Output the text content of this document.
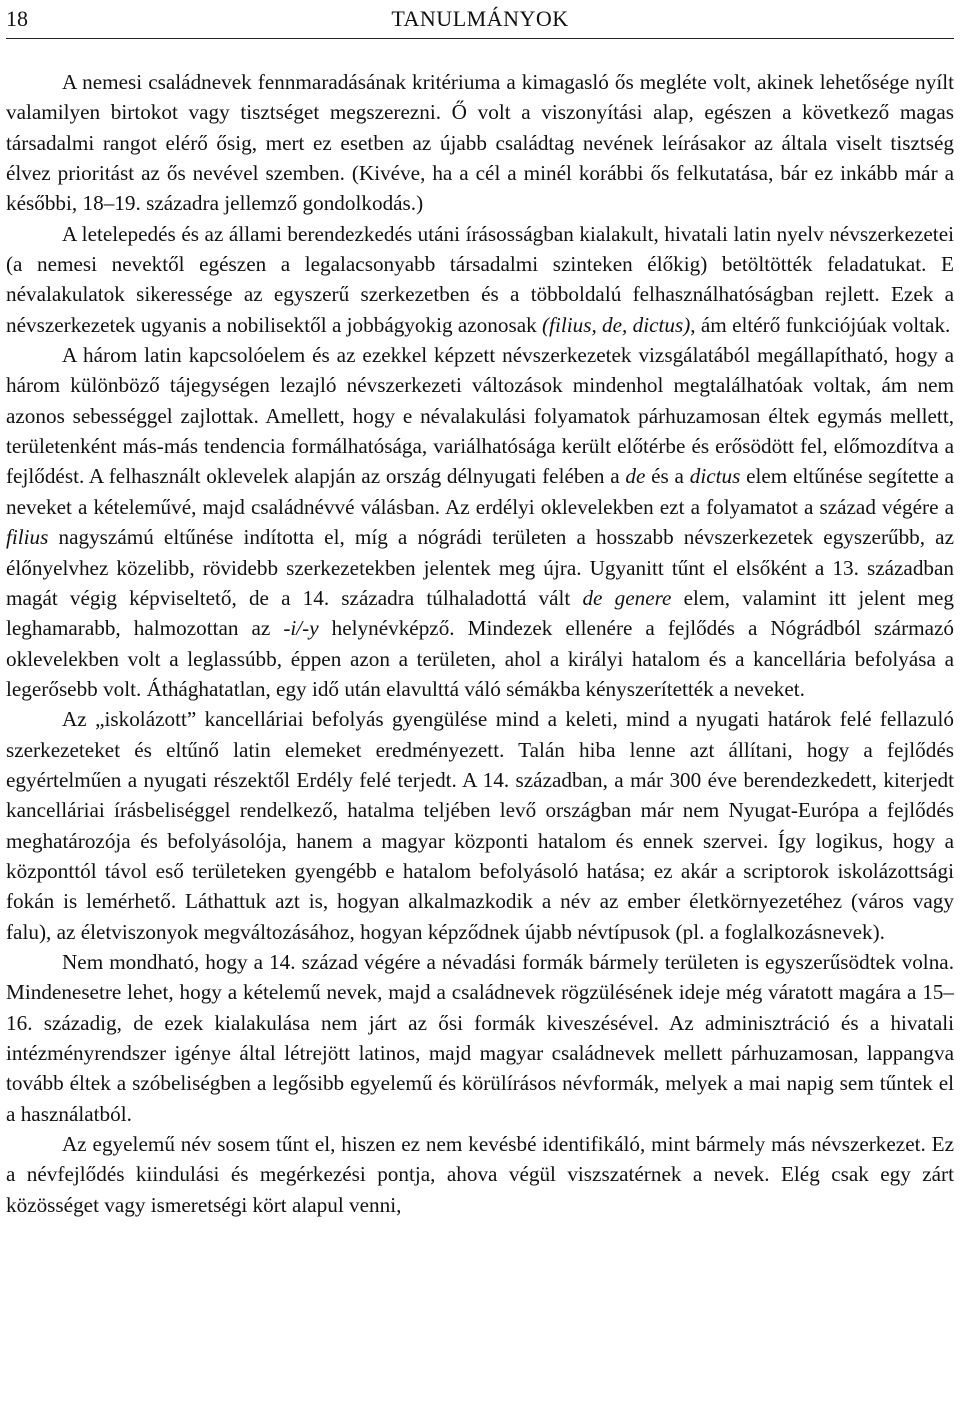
18	TANULMÁNYOK

A nemesi családnevek fennmaradásának kritériuma a kimagasló ős megléte volt, akinek lehetősége nyílt valamilyen birtokot vagy tisztséget megszerezni. Ő volt a viszonyítási alap, egészen a következő magas társadalmi rangot elérő ősig, mert ez esetben az újabb családtag nevének leírásakor az általa viselt tisztség élvez prioritást az ős nevével szemben. (Kivéve, ha a cél a minél korábbi ős felkutatása, bár ez inkább már a későbbi, 18–19. századra jellemző gondolkodás.)

A letelepedés és az állami berendezkedés utáni írásosságban kialakult, hivatali latin nyelv névszerkezetei (a nemesi nevektől egészen a legalacsonyabb társadalmi szinteken élőkig) betöltötték feladatukat. E névalakulatok sikeressége az egyszerű szerkezetben és a többoldalú felhasználhatóságban rejlett. Ezek a névszerkezetek ugyanis a nobilisektől a jobbágyokig azonosak (filius, de, dictus), ám eltérő funkciójúak voltak.

A három latin kapcsolóelem és az ezekkel képzett névszerkezetek vizsgálatából megállapítható, hogy a három különböző tájegységen lezajló névszerkezeti változások mindenhol megtalálhatóak voltak, ám nem azonos sebességgel zajlottak. Amellett, hogy e névalakulási folyamatok párhuzamosan éltek egymás mellett, területenként más-más tendencia formálhatósága, variálhatósága került előtérbe és erősödött fel, előmozdítva a fejlődést. A felhasznált oklevelek alapján az ország délnyugati felében a de és a dictus elem eltűnése segítette a neveket a kételeművé, majd családnévvé válásban. Az erdélyi oklevelekben ezt a folyamatot a század végére a filius nagyszámú eltűnése indította el, míg a nógrádi területen a hosszabb névszerkezetek egyszerűbb, az élőnyelvhez közelibb, rövidebb szerkezetekben jelentek meg újra. Ugyanitt tűnt el elsőként a 13. században magát végig képviseltető, de a 14. századra túlhaladottá vált de genere elem, valamint itt jelent meg leghamarabb, halmozottan az -i/-y helynévképző. Mindezek ellenére a fejlődés a Nógrádból származó oklevelekben volt a leglassúbb, éppen azon a területen, ahol a királyi hatalom és a kancellária befolyása a legerősebb volt. Áthághatatlan, egy idő után elavulttá váló sémákba kényszerítették a neveket.

Az „iskolázott” kancelláriai befolyás gyengülése mind a keleti, mind a nyugati határok felé fellazuló szerkezeteket és eltűnő latin elemeket eredményezett. Talán hiba lenne azt állítani, hogy a fejlődés egyértelműen a nyugati részektől Erdély felé terjedt. A 14. században, a már 300 éve berendezkedett, kiterjedt kancelláriai írásbeliséggel rendelkező, hatalma teljében levő országban már nem Nyugat-Európa a fejlődés meghatározója és befolyásolója, hanem a magyar központi hatalom és ennek szervei. Így logikus, hogy a központtól távol eső területeken gyengébb e hatalom befolyásoló hatása; ez akár a scriptorok iskolázottsági fokán is lemérhető. Láthattuk azt is, hogyan alkalmazkodik a név az ember életkörnyezetéhez (város vagy falu), az életviszonyok megváltozásához, hogyan képződnek újabb névtípusok (pl. a foglalkozásnevek).

Nem mondható, hogy a 14. század végére a névadási formák bármely területen is egyszerűsödtek volna. Mindenesetre lehet, hogy a kételemű nevek, majd a családnevek rögzülésének ideje még váratott magára a 15–16. századig, de ezek kialakulása nem járt az ősi formák kiveszésével. Az adminisztráció és a hivatali intézményrendszer igénye által létrejött latinos, majd magyar családnevek mellett párhuzamosan, lappangva tovább éltek a szóbeliségben a legősibb egyelemű és körülírásos névformák, melyek a mai napig sem tűntek el a használatból.

Az egyelemű név sosem tűnt el, hiszen ez nem kevésbé identifikáló, mint bármely más névszerkezet. Ez a névfejlődés kiindulási és megérkezési pontja, ahova végül viszszatérnek a nevek. Elég csak egy zárt közösséget vagy ismeretségi kört alapul venni,
